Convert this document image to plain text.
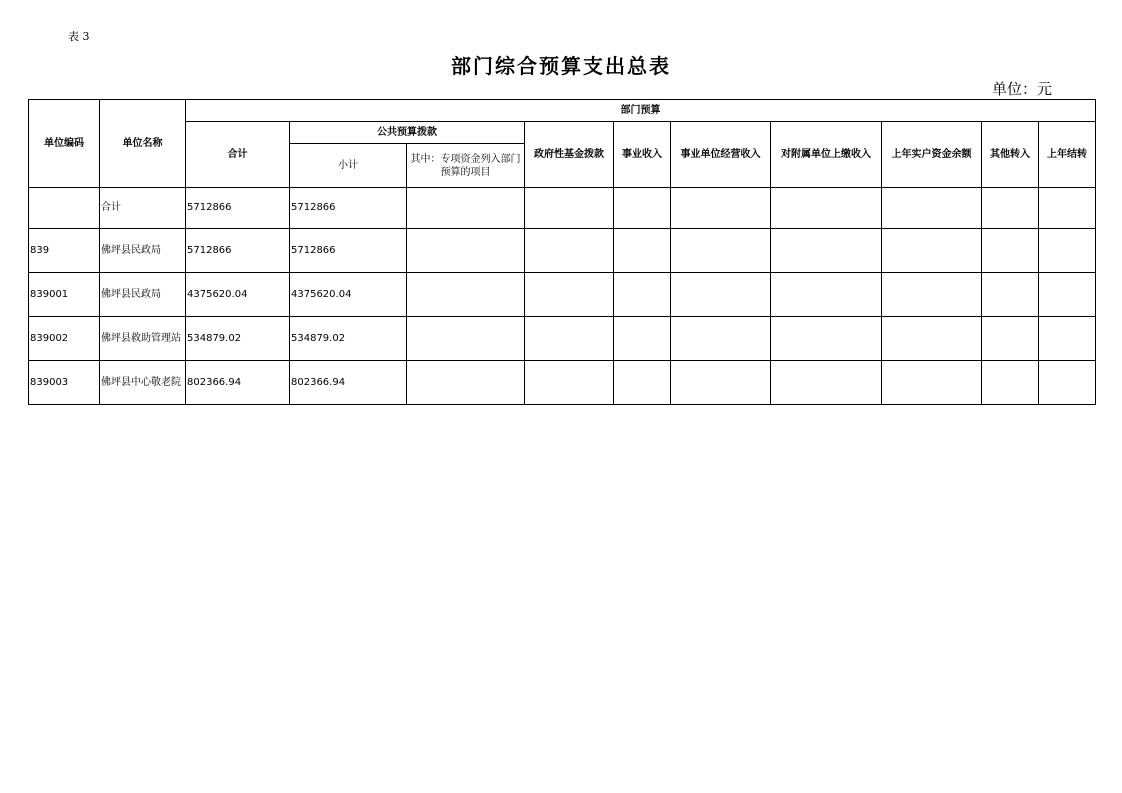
表 3
部门综合预算支出总表
单位：元
单位编码	单位名称	部门预算									
		合计	公共预算拨款		政府性基金拨款	事业收入	事业单位经营收入	对附属单位上缴收入	上年实户资金余额	其他转入	上年结转
			小计	其中：专项资金列入部门预算的项目							
	合计	5712866	5712866								
839	佛坪县民政局	5712866	5712866								
839001	佛坪县民政局	4375620.04	4375620.04								
839002	佛坪县救助管理站	534879.02	534879.02								
839003	佛坪县中心敬老院	802366.94	802366.94								
